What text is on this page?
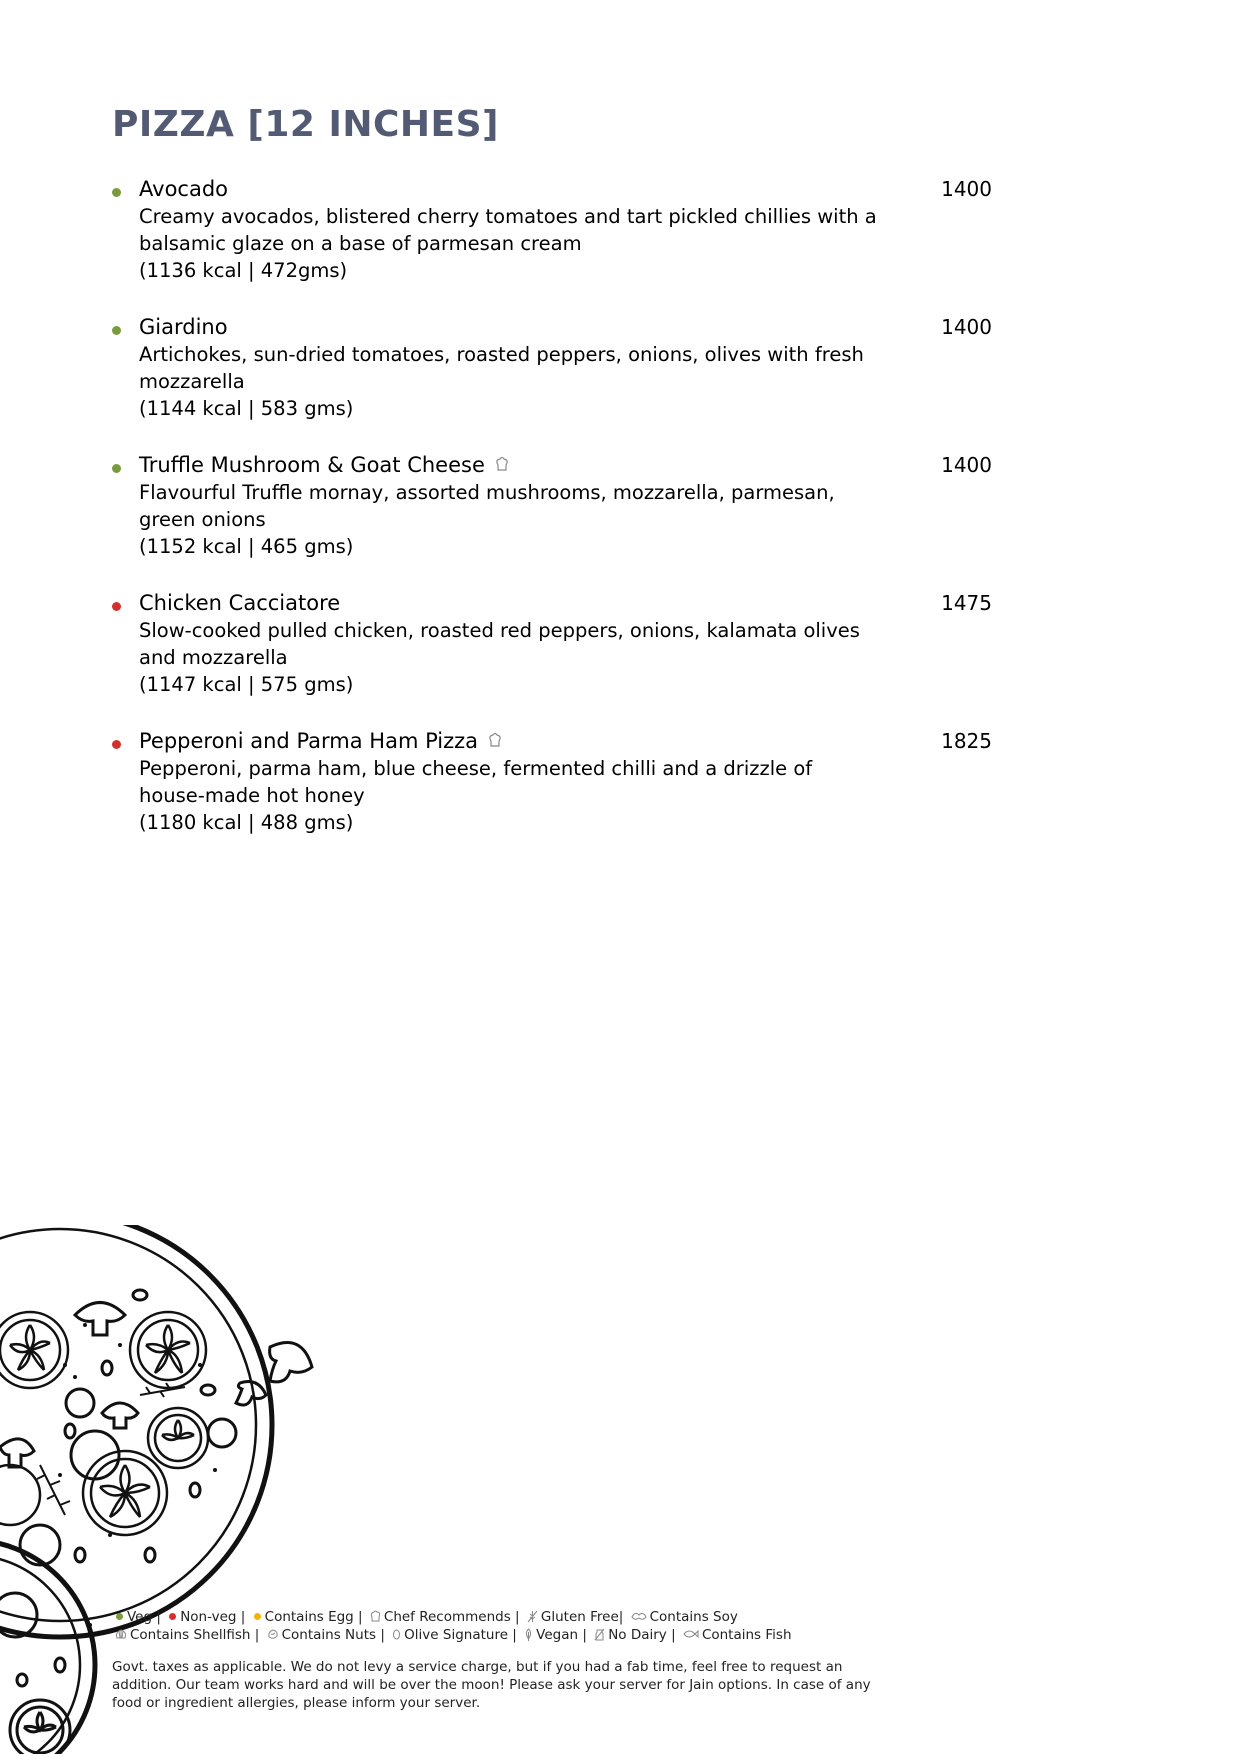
PIZZA [12 INCHES]
Avocado	1400

Creamy avocados, blistered cherry tomatoes and tart pickled chillies with a balsamic glaze on a base of parmesan cream
(1136 kcal | 472gms)

Giardino	1400

Artichokes, sun-dried tomatoes, roasted peppers, onions, olives with fresh mozzarella
(1144 kcal | 583 gms)

Truffle Mushroom & Goat Cheese	1400

Flavourful Truffle mornay, assorted mushrooms, mozzarella, parmesan, green onions
(1152 kcal | 465 gms)

Chicken Cacciatore	1475

Slow-cooked pulled chicken, roasted red peppers, onions, kalamata olives and mozzarella
(1147 kcal | 575 gms)

Pepperoni and Parma Ham Pizza	1825

Pepperoni, parma ham, blue cheese, fermented chilli and a drizzle of house-made hot honey
(1180 kcal | 488 gms)

Veg | Non-veg | Contains Egg | Chef Recommends | Gluten Free| Contains Soy
Contains Shellfish | Contains Nuts | Olive Signature | Vegan | No Dairy | Contains Fish

Govt. taxes as applicable. We do not levy a service charge, but if you had a fab time, feel free to request an addition. Our team works hard and will be over the moon! Please ask your server for Jain options. In case of any food or ingredient allergies, please inform your server.
